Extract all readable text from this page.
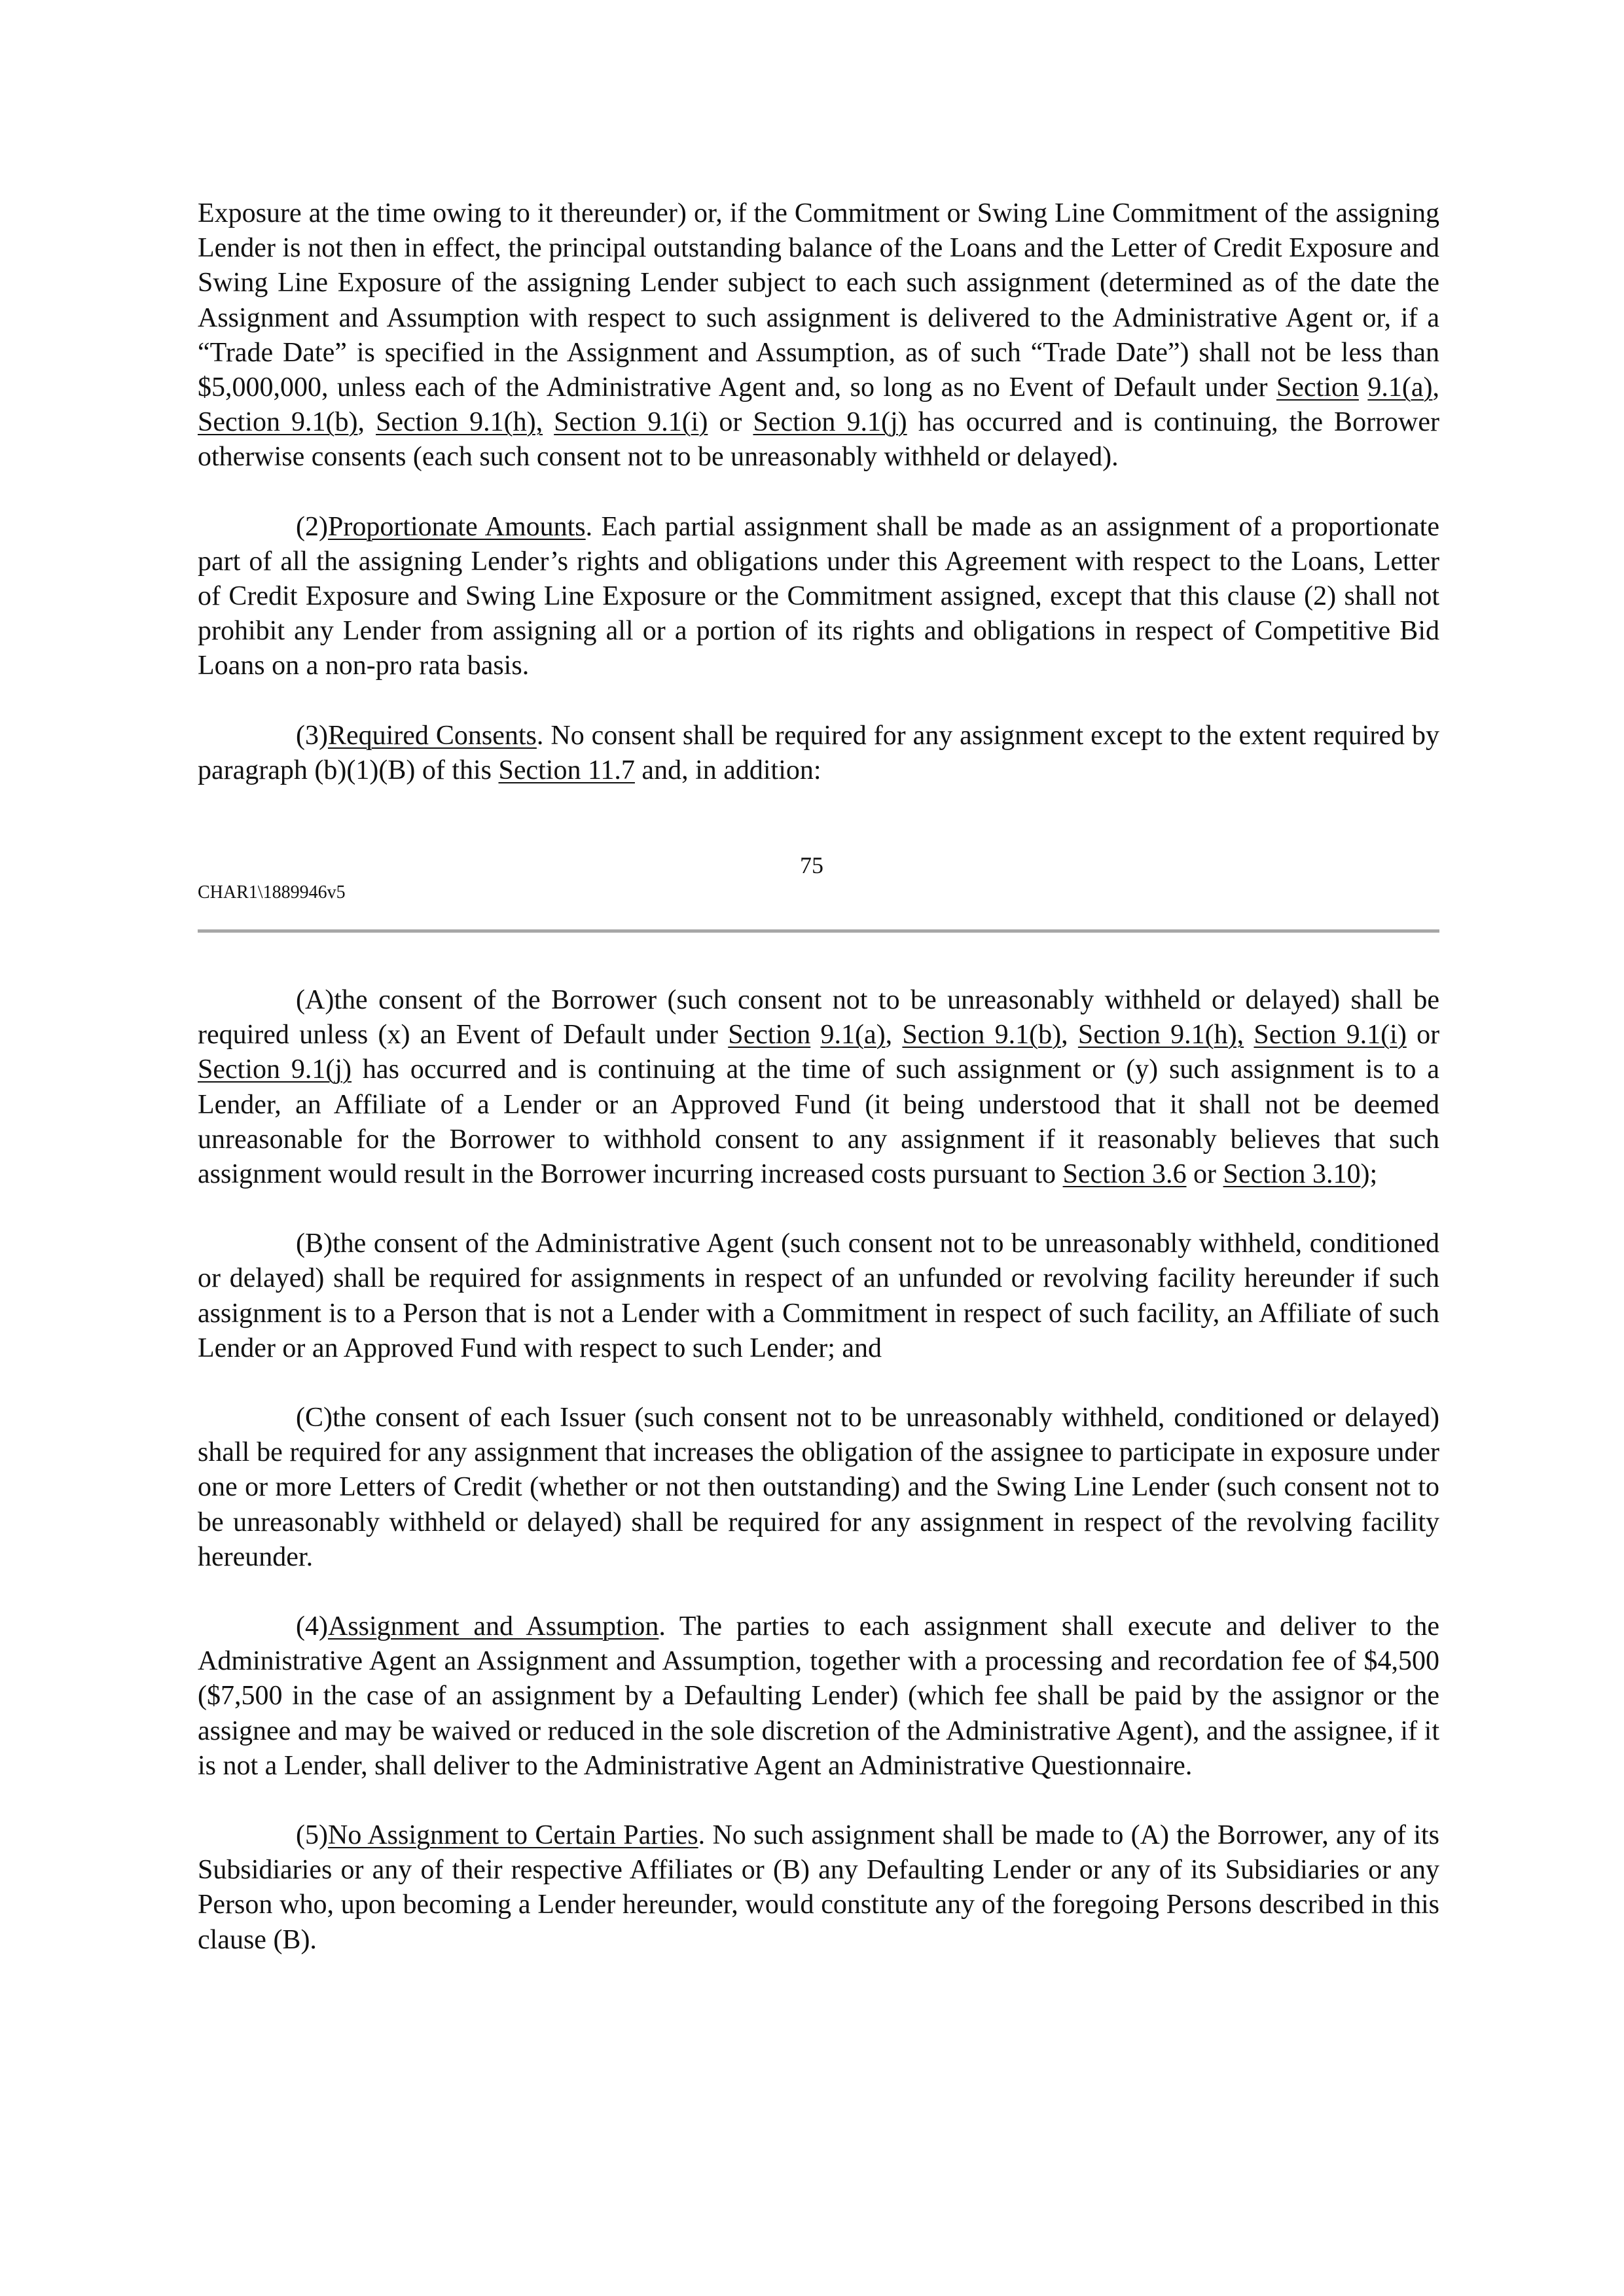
Exposure at the time owing to it thereunder) or, if the Commitment or Swing Line Commitment of the assigning Lender is not then in effect, the principal outstanding balance of the Loans and the Letter of Credit Exposure and Swing Line Exposure of the assigning Lender subject to each such assignment (determined as of the date the Assignment and Assumption with respect to such assignment is delivered to the Administrative Agent or, if a “Trade Date” is specified in the Assignment and Assumption, as of such “Trade Date”) shall not be less than $5,000,000, unless each of the Administrative Agent and, so long as no Event of Default under Section 9.1(a), Section 9.1(b), Section 9.1(h), Section 9.1(i) or Section 9.1(j) has occurred and is continuing, the Borrower otherwise consents (each such consent not to be unreasonably withheld or delayed).

(2)Proportionate Amounts. Each partial assignment shall be made as an assignment of a proportionate part of all the assigning Lender’s rights and obligations under this Agreement with respect to the Loans, Letter of Credit Exposure and Swing Line Exposure or the Commitment assigned, except that this clause (2) shall not prohibit any Lender from assigning all or a portion of its rights and obligations in respect of Competitive Bid Loans on a non-pro rata basis.

(3)Required Consents. No consent shall be required for any assignment except to the extent required by paragraph (b)(1)(B) of this Section 11.7 and, in addition:

75
CHAR1\1889946v5

(A)the consent of the Borrower (such consent not to be unreasonably withheld or delayed) shall be required unless (x) an Event of Default under Section 9.1(a), Section 9.1(b), Section 9.1(h), Section 9.1(i) or Section 9.1(j) has occurred and is continuing at the time of such assignment or (y) such assignment is to a Lender, an Affiliate of a Lender or an Approved Fund (it being understood that it shall not be deemed unreasonable for the Borrower to withhold consent to any assignment if it reasonably believes that such assignment would result in the Borrower incurring increased costs pursuant to Section 3.6 or Section 3.10);

(B)the consent of the Administrative Agent (such consent not to be unreasonably withheld, conditioned or delayed) shall be required for assignments in respect of an unfunded or revolving facility hereunder if such assignment is to a Person that is not a Lender with a Commitment in respect of such facility, an Affiliate of such Lender or an Approved Fund with respect to such Lender; and

(C)the consent of each Issuer (such consent not to be unreasonably withheld, conditioned or delayed) shall be required for any assignment that increases the obligation of the assignee to participate in exposure under one or more Letters of Credit (whether or not then outstanding) and the Swing Line Lender (such consent not to be unreasonably withheld or delayed) shall be required for any assignment in respect of the revolving facility hereunder.

(4)Assignment and Assumption. The parties to each assignment shall execute and deliver to the Administrative Agent an Assignment and Assumption, together with a processing and recordation fee of $4,500 ($7,500 in the case of an assignment by a Defaulting Lender) (which fee shall be paid by the assignor or the assignee and may be waived or reduced in the sole discretion of the Administrative Agent), and the assignee, if it is not a Lender, shall deliver to the Administrative Agent an Administrative Questionnaire.

(5)No Assignment to Certain Parties. No such assignment shall be made to (A) the Borrower, any of its Subsidiaries or any of their respective Affiliates or (B) any Defaulting Lender or any of its Subsidiaries or any Person who, upon becoming a Lender hereunder, would constitute any of the foregoing Persons described in this clause (B).
